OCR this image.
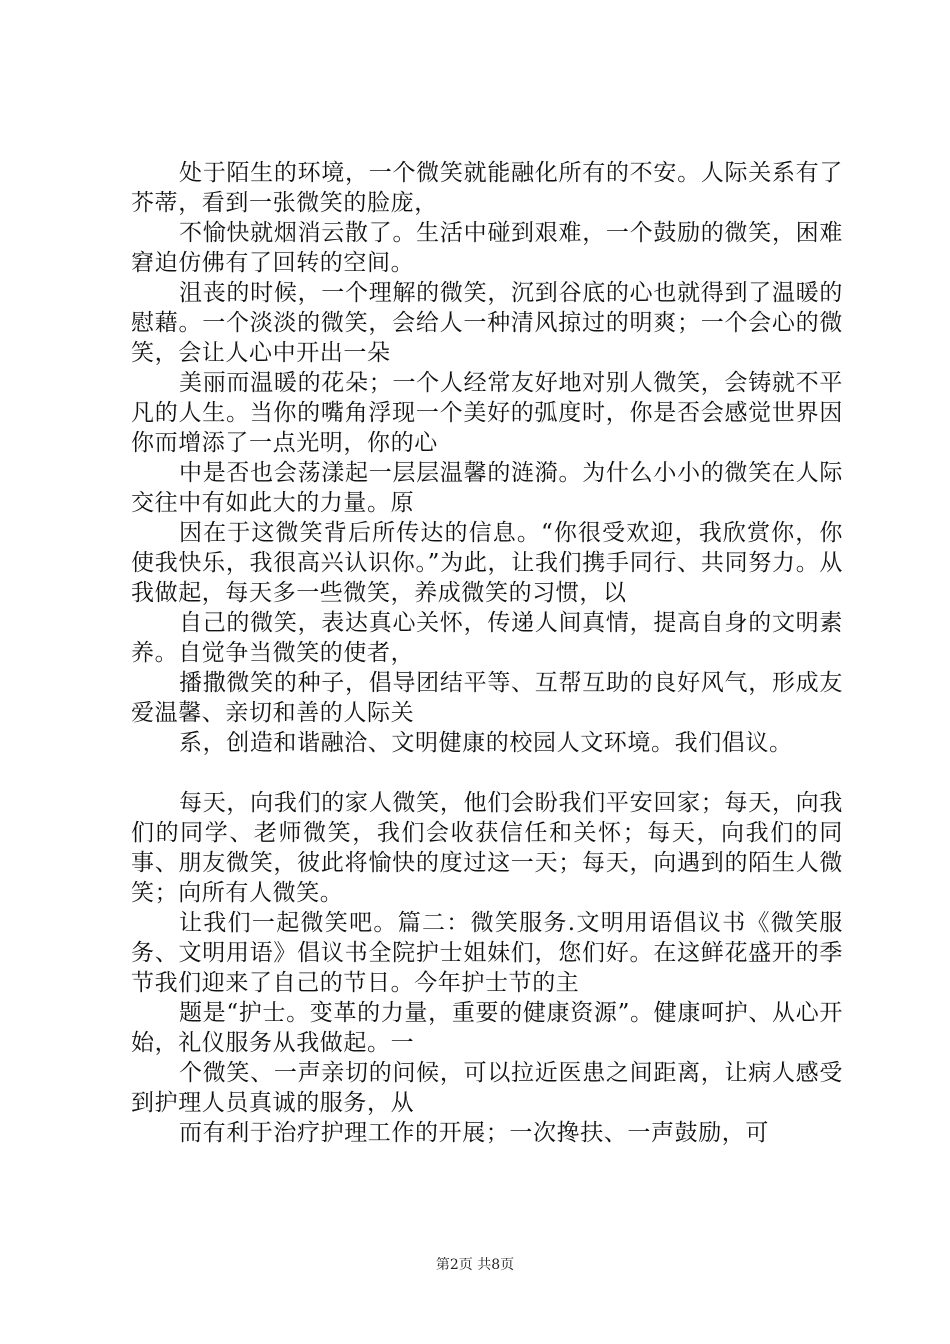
处于陌生的环境，一个微笑就能融化所有的不安。人际关系有了芥蒂，看到一张微笑的脸庞，

不愉快就烟消云散了。生活中碰到艰难，一个鼓励的微笑，困难窘迫仿佛有了回转的空间。

沮丧的时候，一个理解的微笑，沉到谷底的心也就得到了温暖的慰藉。一个淡淡的微笑，会给人一种清风掠过的明爽；一个会心的微笑，会让人心中开出一朵

美丽而温暖的花朵；一个人经常友好地对别人微笑，会铸就不平凡的人生。当你的嘴角浮现一个美好的弧度时，你是否会感觉世界因你而增添了一点光明，你的心

中是否也会荡漾起一层层温馨的涟漪。为什么小小的微笑在人际交往中有如此大的力量。原

因在于这微笑背后所传达的信息。“你很受欢迎，我欣赏你，你使我快乐，我很高兴认识你。”为此，让我们携手同行、共同努力。从我做起，每天多一些微笑，养成微笑的习惯，以

自己的微笑，表达真心关怀，传递人间真情，提高自身的文明素养。自觉争当微笑的使者，

播撒微笑的种子，倡导团结平等、互帮互助的良好风气，形成友爱温馨、亲切和善的人际关

系，创造和谐融洽、文明健康的校园人文环境。我们倡议。

每天，向我们的家人微笑，他们会盼我们平安回家；每天，向我们的同学、老师微笑，我们会收获信任和关怀；每天，向我们的同事、朋友微笑，彼此将愉快的度过这一天；每天，向遇到的陌生人微笑；向所有人微笑。

让我们一起微笑吧。篇二：微笑服务.文明用语倡议书《微笑服务、文明用语》倡议书全院护士姐妹们，您们好。在这鲜花盛开的季节我们迎来了自己的节日。今年护士节的主

题是“护士。变革的力量，重要的健康资源”。健康呵护、从心开始，礼仪服务从我做起。一

个微笑、一声亲切的问候，可以拉近医患之间距离，让病人感受到护理人员真诚的服务，从

而有利于治疗护理工作的开展；一次搀扶、一声鼓励，可

第2页 共8页
